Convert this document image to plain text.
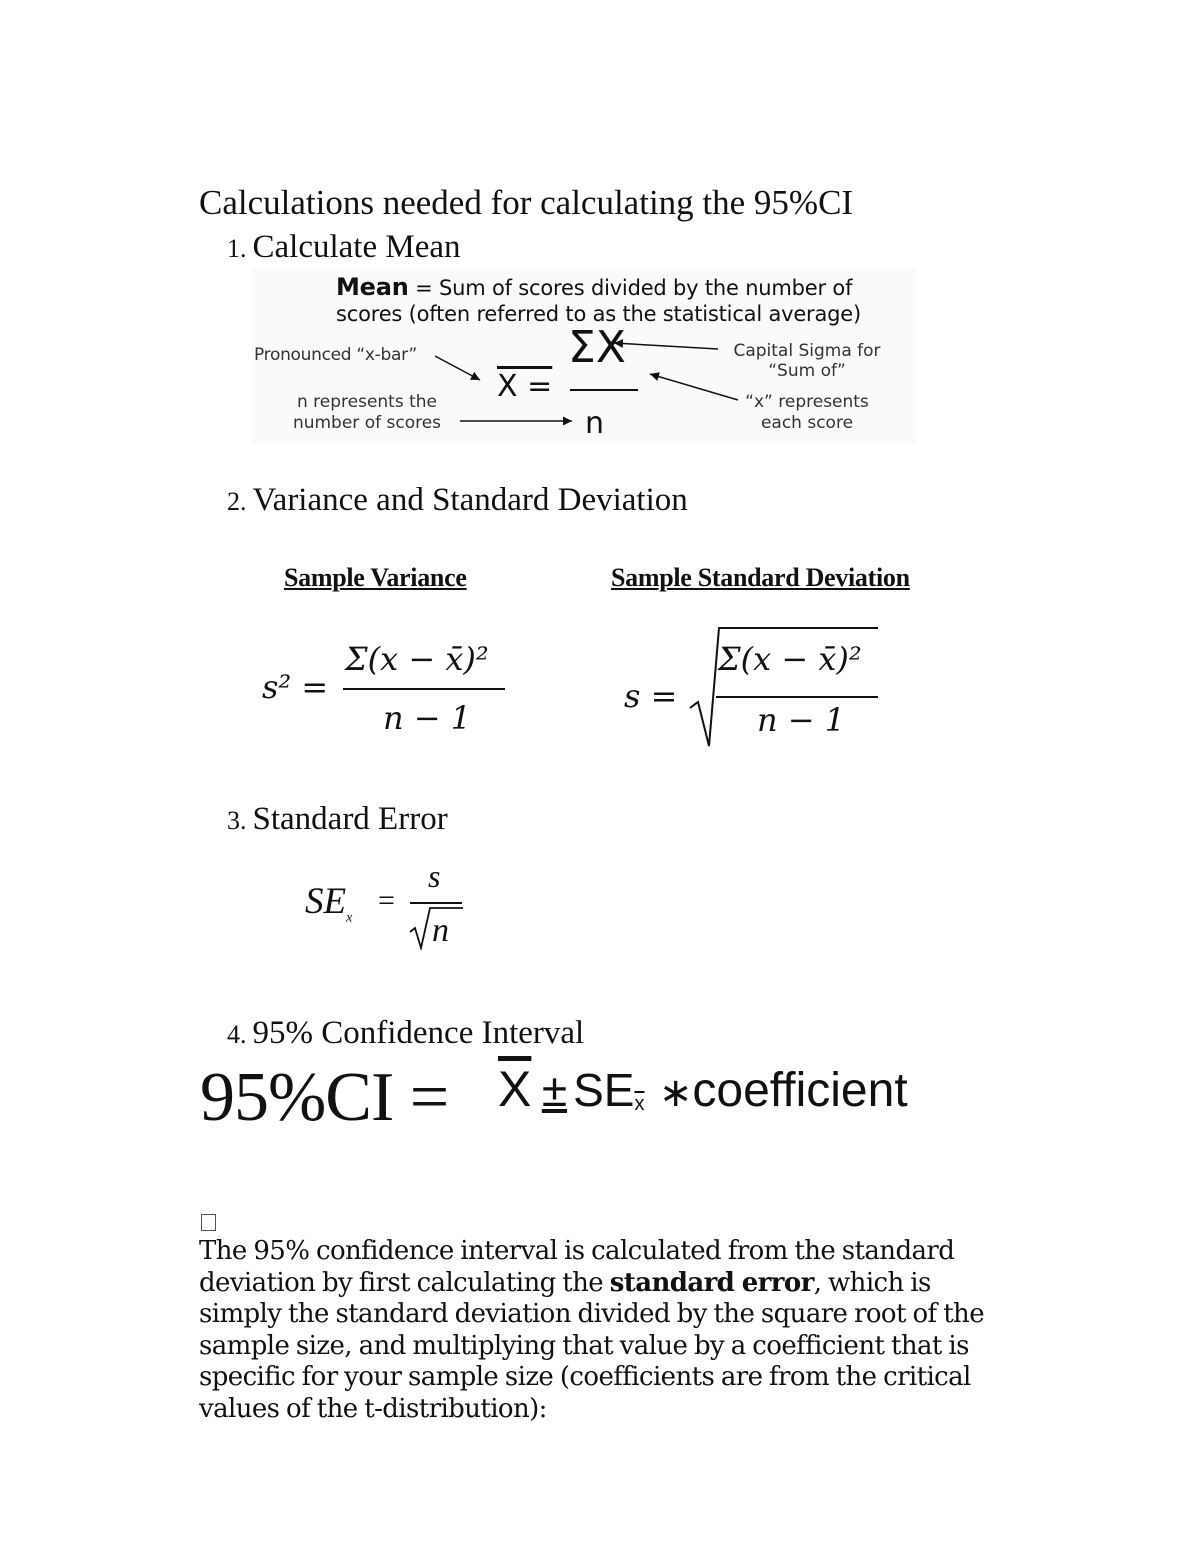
Calculations needed for calculating the 95%CI
1. Calculate Mean
Mean = Sum of scores divided by the number of
scores (often referred to as the statistical average)
Pronounced “x-bar”
n represents the
number of scores
Capital Sigma for
“Sum of”
“x” represents
each score
X =
ΣX
n
2. Variance and Standard Deviation
Sample Variance	Sample Standard Deviation
s² =
Σ(x − x̄)²
n − 1
s =
Σ(x − x̄)²
n − 1
3. Standard Error
$SE_x$
=
s
n
4. 95% Confidence Interval
$95\%CI = \overline{X} \pm SE_{\overline{x}}$ ∗coefficient
The 95% confidence interval is calculated from the standard deviation by first calculating the standard error, which is simply the standard deviation divided by the square root of the sample size, and multiplying that value by a coefficient that is specific for your sample size (coefficients are from the critical values of the t-distribution):
